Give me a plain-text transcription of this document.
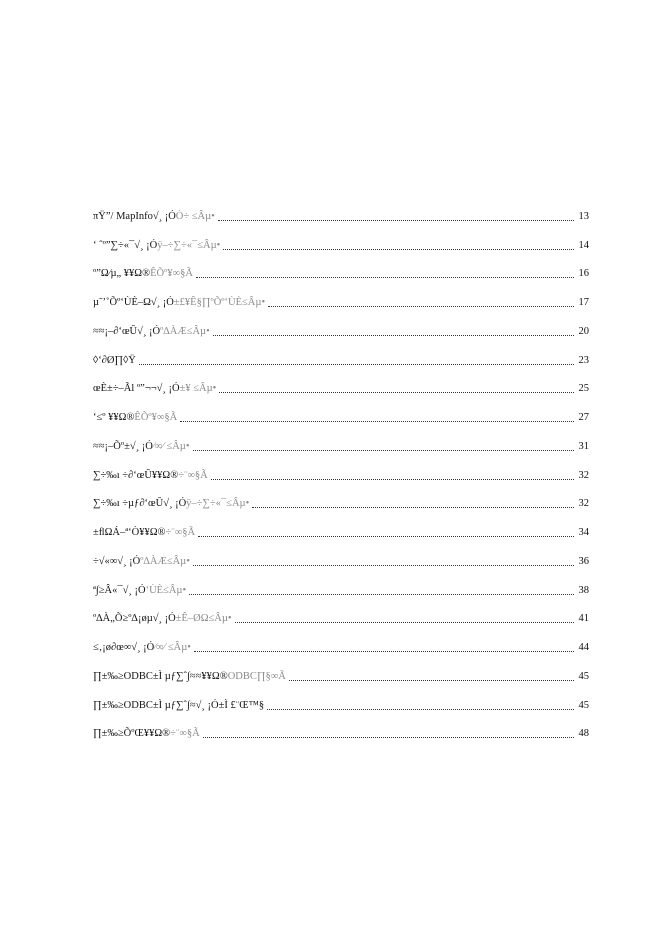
πŸ”/ MapInfo√¸ ¡ÓÒ÷ ≤Âµ•	13
‘ ˆº”∑÷«¯√¸ ¡Óÿ–÷∑÷«¯≤Âµ•	14
º”Ω⁄µ„ ¥¥Ω®ÊÕº¥∞§Ã	16
µ˜’˚Õº‘ÙÈ–Ω√¸ ¡Ó±£¥Ê§∏ºÕº‘ÙÈ≤Âµ•	17
≈≈¡–∂‘œÛ√¸ ¡Óº∆ÀÆ≤Âµ•	20
◊‘∂Ø∏◊Ÿ	23
œÈ±÷–Ãl º”¬¬√¸ ¡Ó±¥ ≤Âµ•	25
‘≤º ¥¥Ω®ÊÕº¥∞§Ã	27
≈≈¡–Õº±√¸ ¡Ó∕∞∕ ≤Âµ•	31
∑÷‰ı ÷∂‘œÛ¥¥Ω®÷¨∞§Ã	32
∑÷‰ı ÷µƒ∂‘œÛ√¸ ¡Óÿ–÷∑÷«¯≤Âµ•	32
±ﬂΩÁ–ª‘Ò¥¥Ω®÷¨∞§Ã	34
÷√«∞√¸ ¡Óº∆ÀÆ≤Âµ•	36
ª∫≥Â«¯√¸ ¡Ó‘ÙÈ≤Âµ•	38
º∆À„Õ≥º∆¡øµ√¸ ¡Ó±Ê–ØΩ≤Âµ•	41
≤‚¡ø∂œ∞√¸ ¡Ó∕∞∕ ≤Âµ•	44
∏±‰≥ODBC±Ì µƒ∑ˆ∫≈≈¥¥Ω®ODBC∏§∞Ã	45
∏±‰≥ODBC±Ì µƒ∑ˆ∫≈√¸ ¡Ó±Ì £¨Œ™§	45
∏±‰≥ÕºŒ¥¥Ω®÷¨∞§Ã	48
